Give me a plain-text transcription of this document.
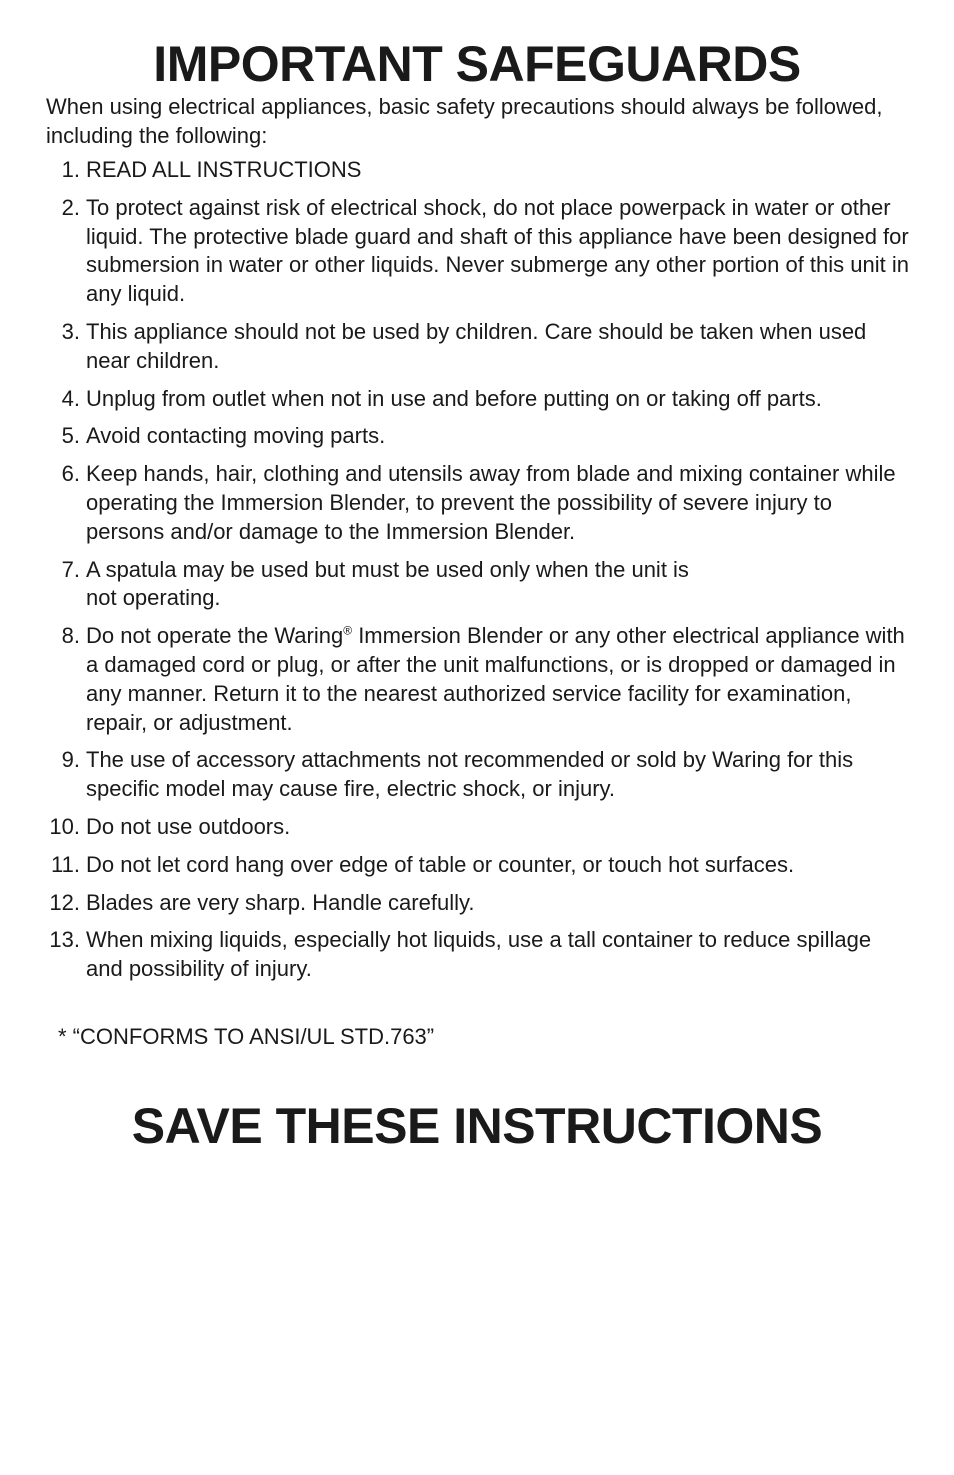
IMPORTANT SAFEGUARDS

When using electrical appliances, basic safety precautions should always be followed, including the following:

1. READ ALL INSTRUCTIONS
2. To protect against risk of electrical shock, do not place powerpack in water or other liquid. The protective blade guard and shaft of this appliance have been designed for submersion in water or other liquids. Never submerge any other portion of this unit in any liquid.
3. This appliance should not be used by children. Care should be taken when used near children.
4. Unplug from outlet when not in use and before putting on or taking off parts.
5. Avoid contacting moving parts.
6. Keep hands, hair, clothing and utensils away from blade and mixing container while operating the Immersion Blender, to prevent the possibility of severe injury to persons and/or damage to the Immersion Blender.
7. A spatula may be used but must be used only when the unit is
not operating.
8. Do not operate the Waring® Immersion Blender or any other electrical appliance with a damaged cord or plug, or after the unit malfunctions, or is dropped or damaged in any manner. Return it to the nearest authorized service facility for examination, repair, or adjustment.
9. The use of accessory attachments not recommended or sold by Waring for this specific model may cause fire, electric shock, or injury.
10. Do not use outdoors.
11. Do not let cord hang over edge of table or counter, or touch hot surfaces.
12. Blades are very sharp. Handle carefully.
13. When mixing liquids, especially hot liquids, use a tall container to reduce spillage and possibility of injury.

* “CONFORMS TO ANSI/UL STD.763”

SAVE THESE INSTRUCTIONS
